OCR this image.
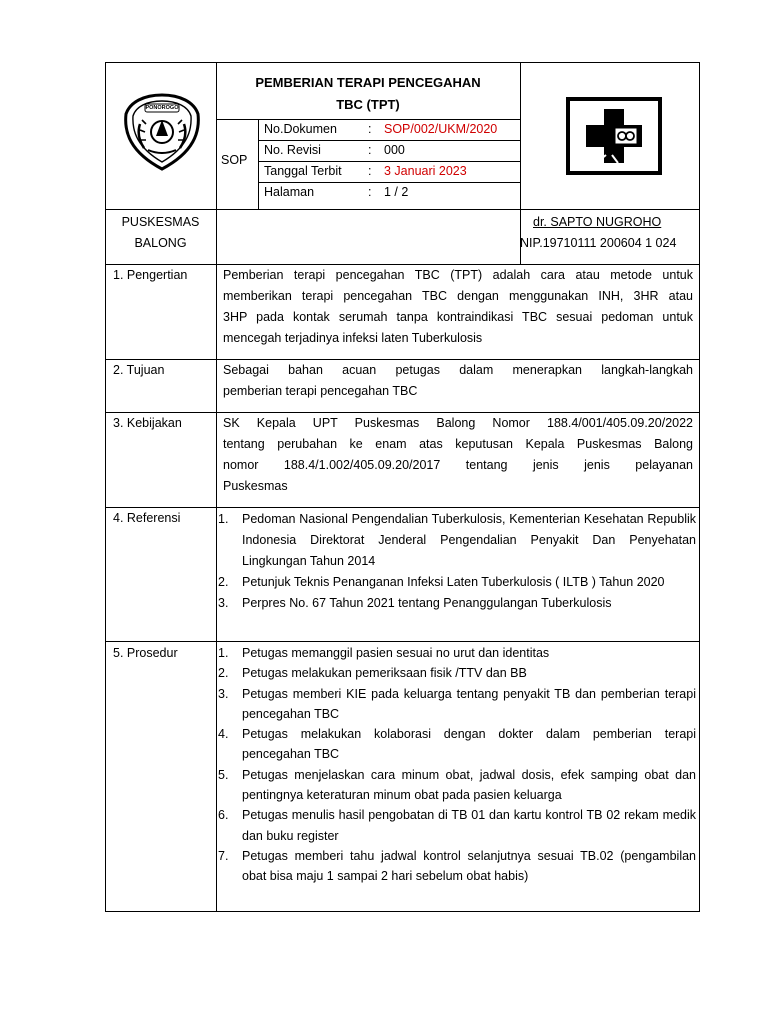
PONOROGO
PEMBERIAN TERAPI PENCEGAHAN
TBC (TPT)
SOP
No.Dokumen : SOP/002/UKM/2020
No. Revisi	: 000
Tanggal Terbit : 3 Januari 2023
Halaman	: 1 / 2
PUSKESMAS
BALONG
dr. SAPTO NUGROHO
NIP.19710111 200604 1 024
1. Pengertian	Pemberian terapi pencegahan TBC (TPT) adalah cara atau metode untuk
memberikan terapi pencegahan TBC dengan menggunakan INH, 3HR atau
3HP pada kontak serumah tanpa kontraindikasi TBC sesuai pedoman untuk
mencegah terjadinya infeksi laten Tuberkulosis
2. Tujuan	Sebagai bahan acuan petugas dalam menerapkan langkah-langkah
pemberian terapi pencegahan TBC
3. Kebijakan	SK Kepala UPT Puskesmas Balong Nomor 188.4/001/405.09.20/2022
tentang perubahan ke enam atas keputusan Kepala Puskesmas Balong
nomor 188.4/1.002/405.09.20/2017 tentang jenis jenis pelayanan
Puskesmas
4. Referensi	1. Pedoman Nasional Pengendalian Tuberkulosis, Kementerian Kesehatan Republik Indonesia Direktorat Jenderal Pengendalian Penyakit Dan Penyehatan Lingkungan Tahun 2014
2. Petunjuk Teknis Penanganan Infeksi Laten Tuberkulosis ( ILTB ) Tahun 2020
3. Perpres No. 67 Tahun 2021 tentang Penanggulangan Tuberkulosis
5. Prosedur	1. Petugas memanggil pasien sesuai no urut dan identitas
2. Petugas melakukan pemeriksaan fisik /TTV dan BB
3. Petugas memberi KIE pada keluarga tentang penyakit TB dan pemberian terapi pencegahan TBC
4. Petugas melakukan kolaborasi dengan dokter dalam pemberian terapi pencegahan TBC
5. Petugas menjelaskan cara minum obat, jadwal dosis, efek samping obat dan pentingnya keteraturan minum obat pada pasien keluarga
6. Petugas menulis hasil pengobatan di TB 01 dan kartu kontrol TB 02 rekam medik dan buku register
7. Petugas memberi tahu jadwal kontrol selanjutnya sesuai TB.02 (pengambilan obat bisa maju 1 sampai 2 hari sebelum obat habis)
